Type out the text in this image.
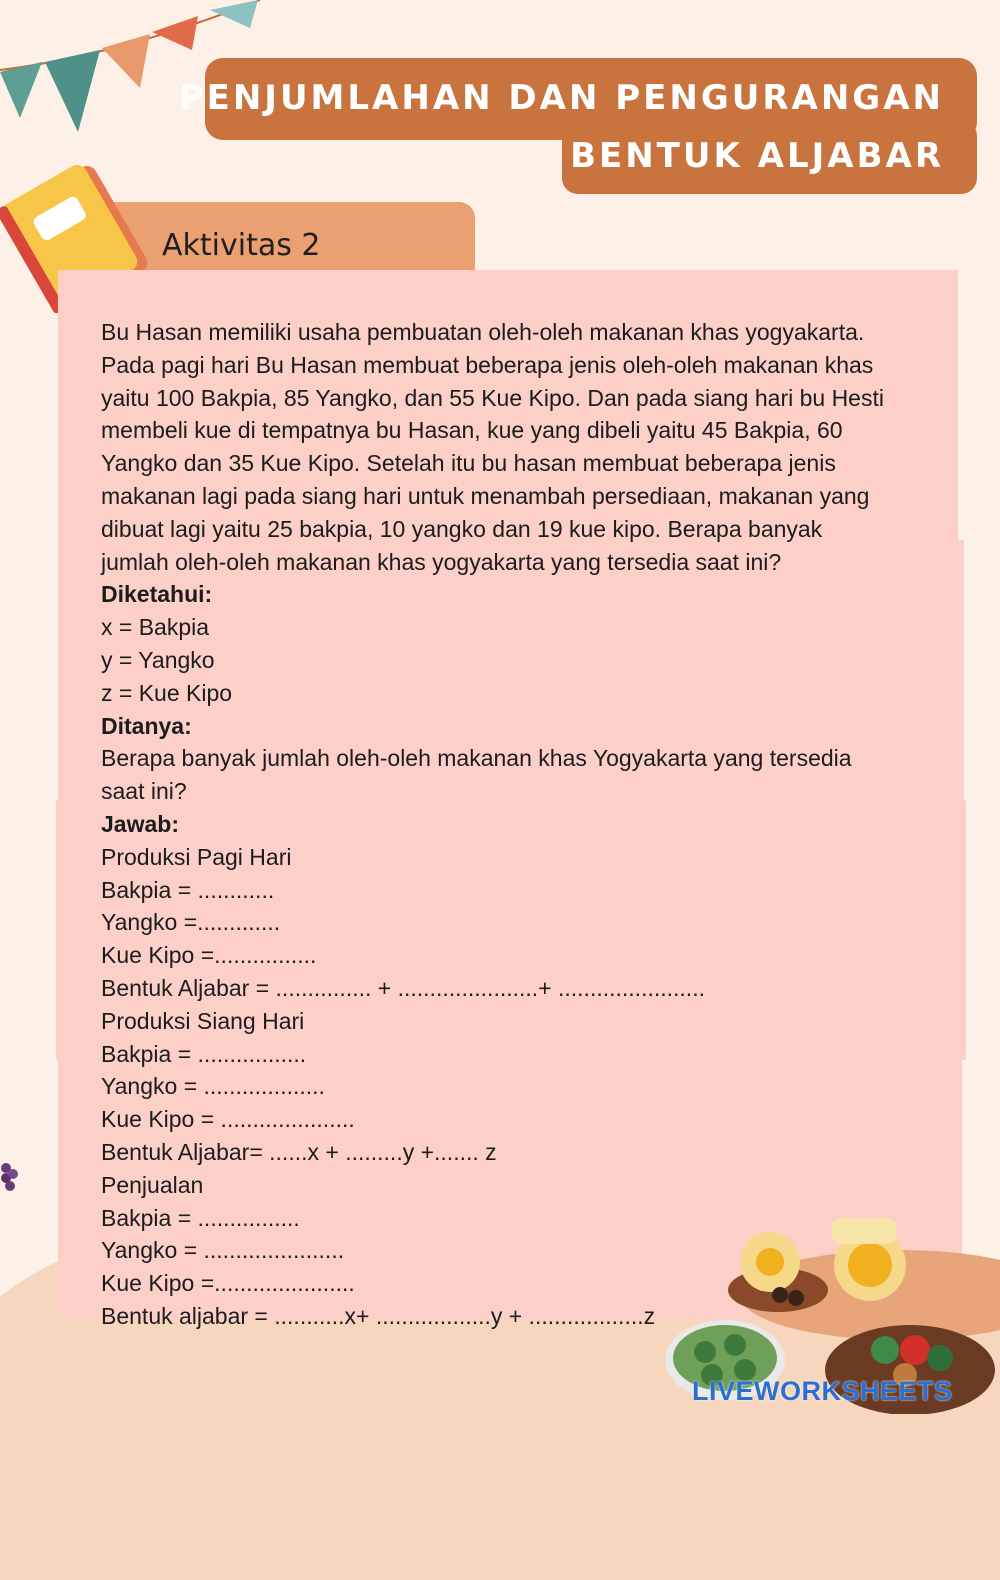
PENJUMLAHAN DAN PENGURANGAN
BENTUK ALJABAR
Aktivitas 2

Bu Hasan memiliki usaha pembuatan oleh-oleh makanan khas yogyakarta.

Pada pagi hari Bu Hasan membuat beberapa jenis oleh-oleh makanan khas

yaitu 100 Bakpia, 85 Yangko, dan 55 Kue Kipo. Dan pada siang hari bu Hesti

membeli kue di tempatnya bu Hasan, kue yang dibeli yaitu 45 Bakpia, 60

Yangko dan 35 Kue Kipo. Setelah itu bu hasan membuat beberapa jenis

makanan lagi pada siang hari untuk menambah persediaan, makanan yang

dibuat lagi yaitu 25 bakpia, 10 yangko dan 19 kue kipo. Berapa banyak

jumlah oleh-oleh makanan khas yogyakarta yang tersedia saat ini?

Diketahui:

x = Bakpia

y = Yangko

z = Kue Kipo

Ditanya:

Berapa banyak jumlah oleh-oleh makanan khas Yogyakarta yang tersedia

saat ini?

Jawab:

Produksi Pagi Hari

Bakpia = ............

Yangko =.............

Kue Kipo =................

Bentuk Aljabar = ............... + ......................+ .......................

Produksi Siang Hari

Bakpia = .................

Yangko = ...................

Kue Kipo = .....................

Bentuk Aljabar= ......x + .........y +....... z

Penjualan

Bakpia = ................

Yangko = ......................

Kue Kipo =......................

Bentuk aljabar = ...........x+ ..................y + ..................z

LIVEWORKSHEETS
